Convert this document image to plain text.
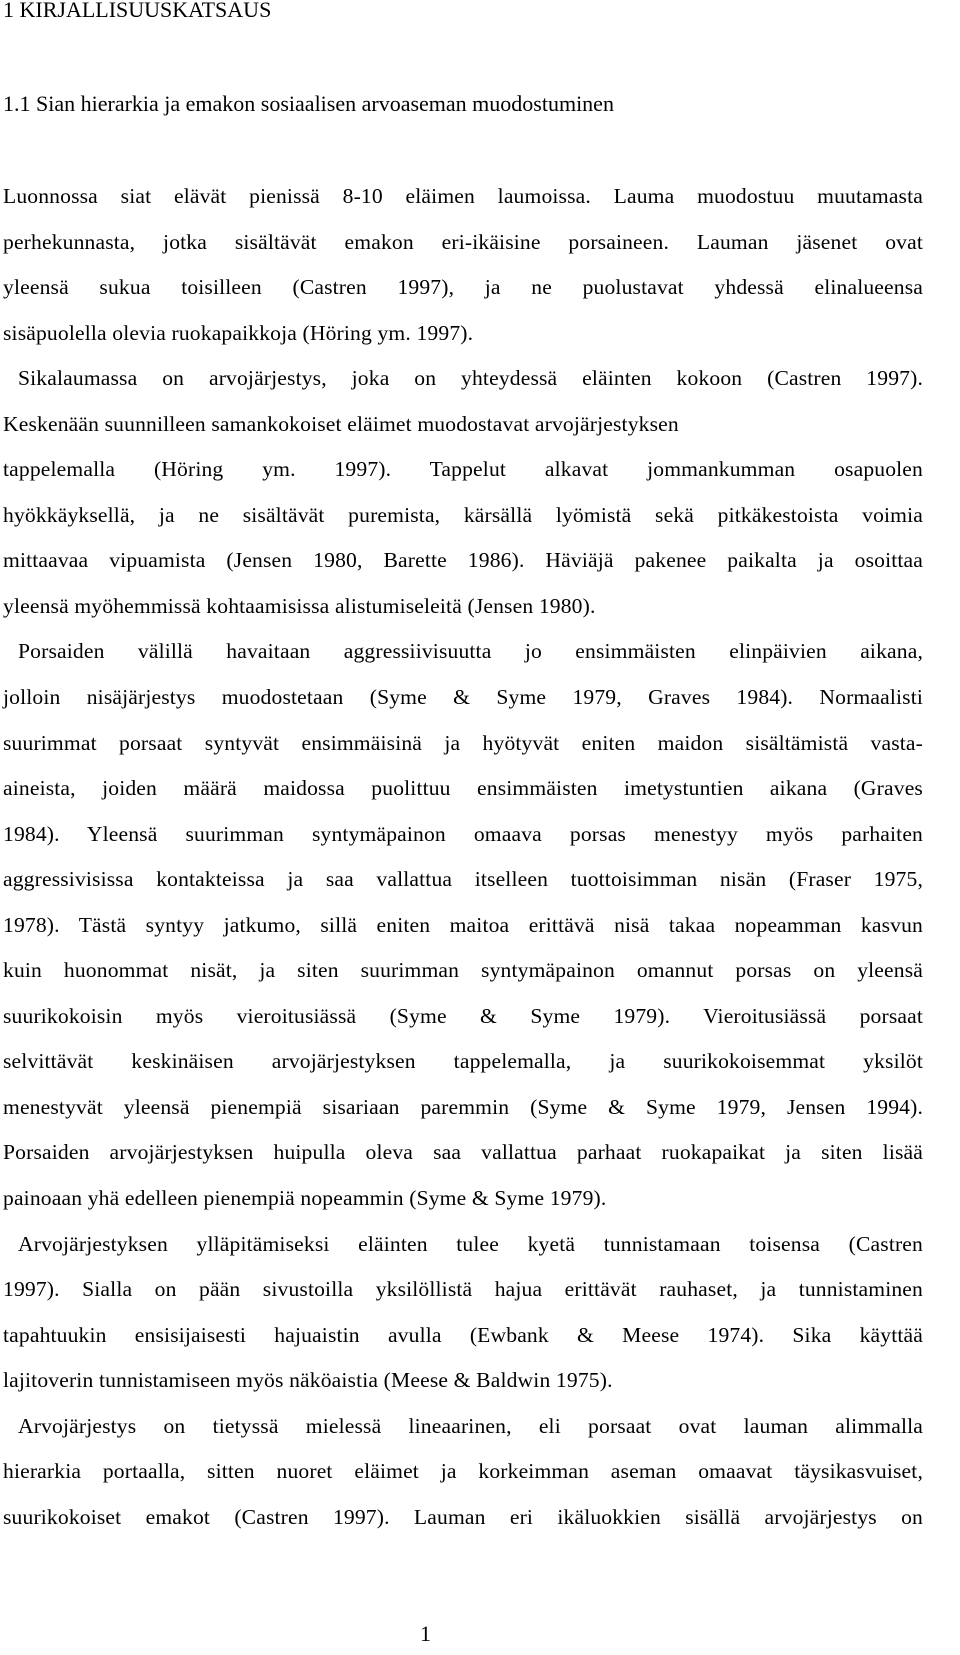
1 KIRJALLISUUSKATSAUS
1.1 Sian hierarkia ja emakon sosiaalisen arvoaseman muodostuminen
Luonnossa siat elävät pienissä 8-10 eläimen laumoissa. Lauma muodostuu muutamasta
perhekunnasta, jotka sisältävät emakon eri-ikäisine porsaineen. Lauman jäsenet ovat
yleensä sukua toisilleen (Castren 1997), ja ne puolustavat yhdessä elinalueensa
sisäpuolella olevia ruokapaikkoja (Höring ym. 1997).
Sikalaumassa on arvojärjestys, joka on yhteydessä eläinten kokoon (Castren 1997).
Keskenään suunnilleen samankokoiset eläimet muodostavat arvojärjestyksen
tappelemalla (Höring ym. 1997). Tappelut alkavat jommankumman osapuolen
hyökkäyksellä, ja ne sisältävät puremista, kärsällä lyömistä sekä pitkäkestoista voimia
mittaavaa vipuamista (Jensen 1980, Barette 1986). Häviäjä pakenee paikalta ja osoittaa
yleensä myöhemmissä kohtaamisissa alistumiseleitä (Jensen 1980).
Porsaiden välillä havaitaan aggressiivisuutta jo ensimmäisten elinpäivien aikana,
jolloin nisäjärjestys muodostetaan (Syme & Syme 1979, Graves 1984). Normaalisti
suurimmat porsaat syntyvät ensimmäisinä ja hyötyvät eniten maidon sisältämistä vasta-
aineista, joiden määrä maidossa puolittuu ensimmäisten imetystuntien aikana (Graves
1984). Yleensä suurimman syntymäpainon omaava porsas menestyy myös parhaiten
aggressivisissa kontakteissa ja saa vallattua itselleen tuottoisimman nisän (Fraser 1975,
1978). Tästä syntyy jatkumo, sillä eniten maitoa erittävä nisä takaa nopeamman kasvun
kuin huonommat nisät, ja siten suurimman syntymäpainon omannut porsas on yleensä
suurikokoisin myös vieroitusiässä (Syme & Syme 1979). Vieroitusiässä porsaat
selvittävät keskinäisen arvojärjestyksen tappelemalla, ja suurikokoisemmat yksilöt
menestyvät yleensä pienempiä sisariaan paremmin (Syme & Syme 1979, Jensen 1994).
Porsaiden arvojärjestyksen huipulla oleva saa vallattua parhaat ruokapaikat ja siten lisää
painoaan yhä edelleen pienempiä nopeammin (Syme & Syme 1979).
Arvojärjestyksen ylläpitämiseksi eläinten tulee kyetä tunnistamaan toisensa (Castren
1997). Sialla on pään sivustoilla yksilöllistä hajua erittävät rauhaset, ja tunnistaminen
tapahtuukin ensisijaisesti hajuaistin avulla (Ewbank & Meese 1974). Sika käyttää
lajitoverin tunnistamiseen myös näköaistia (Meese & Baldwin 1975).
Arvojärjestys on tietyssä mielessä lineaarinen, eli porsaat ovat lauman alimmalla
hierarkia portaalla, sitten nuoret eläimet ja korkeimman aseman omaavat täysikasvuiset,
suurikokoiset emakot (Castren 1997). Lauman eri ikäluokkien sisällä arvojärjestys on
1
